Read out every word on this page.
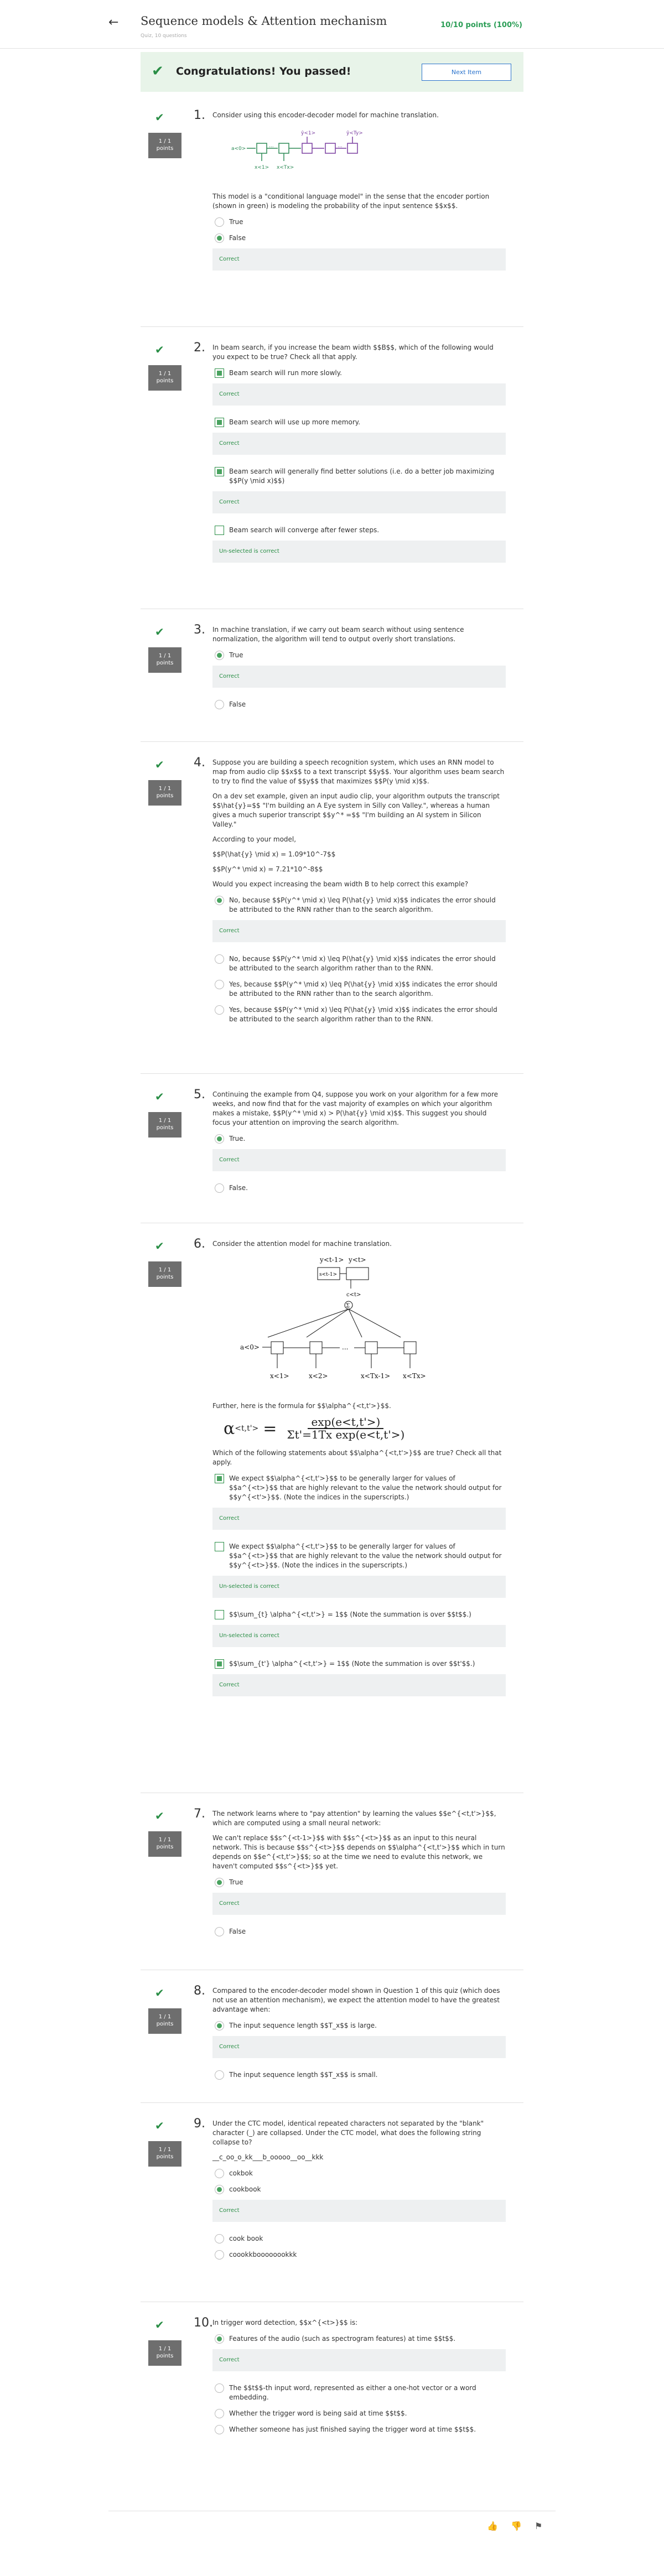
← Sequence models & Attention mechanism
Quiz, 10 questions
10/10 points (100%)
✔ Congratulations! You passed!	Next Item
✔
1 / 1
points
1. Consider using this encoder-decoder model for machine translation.

a<0>	...	...
x<1> x<Tx>
ŷ<1>	ŷ<Ty>

This model is a "conditional language model" in the sense that the encoder portion (shown in green) is modeling the probability of the input sentence $$x$$.

True
False
Correct
✔
1 / 1
points
2. In beam search, if you increase the beam width $$B$$, which of the following would you expect to be true? Check all that apply.

Beam search will run more slowly.
Correct
Beam search will use up more memory.
Correct
Beam search will generally find better solutions (i.e. do a better job maximizing $$P(y \mid x)$$)
Correct
Beam search will converge after fewer steps.
Un-selected is correct
✔
1 / 1
points
3. In machine translation, if we carry out beam search without using sentence normalization, the algorithm will tend to output overly short translations.

True
Correct
False
✔
1 / 1
points
4. Suppose you are building a speech recognition system, which uses an RNN model to map from audio clip $$x$$ to a text transcript $$y$$. Your algorithm uses beam search to try to find the value of $$y$$ that maximizes $$P(y \mid x)$$.

On a dev set example, given an input audio clip, your algorithm outputs the transcript $$\hat{y}=$$ "I'm building an A Eye system in Silly con Valley.", whereas a human gives a much superior transcript $$y^* =$$ "I'm building an AI system in Silicon Valley."

According to your model,

$$P(\hat{y} \mid x) = 1.09*10^-7$$

$$P(y^* \mid x) = 7.21*10^-8$$

Would you expect increasing the beam width B to help correct this example?

No, because $$P(y^* \mid x) \leq P(\hat{y} \mid x)$$ indicates the error should be attributed to the RNN rather than to the search algorithm.
Correct
No, because $$P(y^* \mid x) \leq P(\hat{y} \mid x)$$ indicates the error should be attributed to the search algorithm rather than to the RNN.
Yes, because $$P(y^* \mid x) \leq P(\hat{y} \mid x)$$ indicates the error should be attributed to the RNN rather than to the search algorithm.
Yes, because $$P(y^* \mid x) \leq P(\hat{y} \mid x)$$ indicates the error should be attributed to the search algorithm rather than to the RNN.
✔
1 / 1
points
5. Continuing the example from Q4, suppose you work on your algorithm for a few more weeks, and now find that for the vast majority of examples on which your algorithm makes a mistake, $$P(y^* \mid x) > P(\hat{y} \mid x)$$. This suggest you should focus your attention on improving the search algorithm.

True.
Correct
False.
✔
1 / 1
points
6. Consider the attention model for machine translation.

y<t-1> y<t>
s<t-1>
c<t>
Σ
a<0>	...
x<1>	x<2>	x<Tx-1> x<Tx>

Further, here is the formula for $$\alpha^{<t,t'>}$$.

$\alpha <t,t'> = \frac{\exp(e<t,t'>)}{\text{Σt'=1Tx exp(e<t,t'>)}}$

Which of the following statements about $$\alpha^{<t,t'>}$$ are true? Check all that apply.

We expect $$\alpha^{<t,t'>}$$ to be generally larger for values of $$a^{<t>}$$ that are highly relevant to the value the network should output for $$y^{<t'>}$$. (Note the indices in the superscripts.)
Correct
We expect $$\alpha^{<t,t'>}$$ to be generally larger for values of $$a^{<t>}$$ that are highly relevant to the value the network should output for $$y^{<t>}$$. (Note the indices in the superscripts.)
Un-selected is correct
$$\sum_{t} \alpha^{<t,t'>} = 1$$ (Note the summation is over $$t$$.)
Un-selected is correct
$$\sum_{t'} \alpha^{<t,t'>} = 1$$ (Note the summation is over $$t'$$.)
Correct
✔
1 / 1
points
7. The network learns where to "pay attention" by learning the values $$e^{<t,t'>}$$, which are computed using a small neural network:

We can't replace $$s^{<t-1>}$$ with $$s^{<t>}$$ as an input to this neural network. This is because $$s^{<t>}$$ depends on $$\alpha^{<t,t'>}$$ which in turn depends on $$e^{<t,t'>}$$; so at the time we need to evalute this network, we haven't computed $$s^{<t>}$$ yet.

True
Correct
False
✔
1 / 1
points
8. Compared to the encoder-decoder model shown in Question 1 of this quiz (which does not use an attention mechanism), we expect the attention model to have the greatest advantage when:

The input sequence length $$T_x$$ is large.
Correct
The input sequence length $$T_x$$ is small.
✔
1 / 1
points
9. Under the CTC model, identical repeated characters not separated by the "blank" character (_) are collapsed. Under the CTC model, what does the following string collapse to?

__c_oo_o_kk___b_ooooo__oo__kkk

cokbok
cookbook
Correct
cook book
coookkboooooookkk
✔
1 / 1
points
10. In trigger word detection, $$x^{<t>}$$ is:

Features of the audio (such as spectrogram features) at time $$t$$.
Correct
The $$t$$-th input word, represented as either a one-hot vector or a word embedding.
Whether the trigger word is being said at time $$t$$.
Whether someone has just finished saying the trigger word at time $$t$$.
👍 👎 ⚑
